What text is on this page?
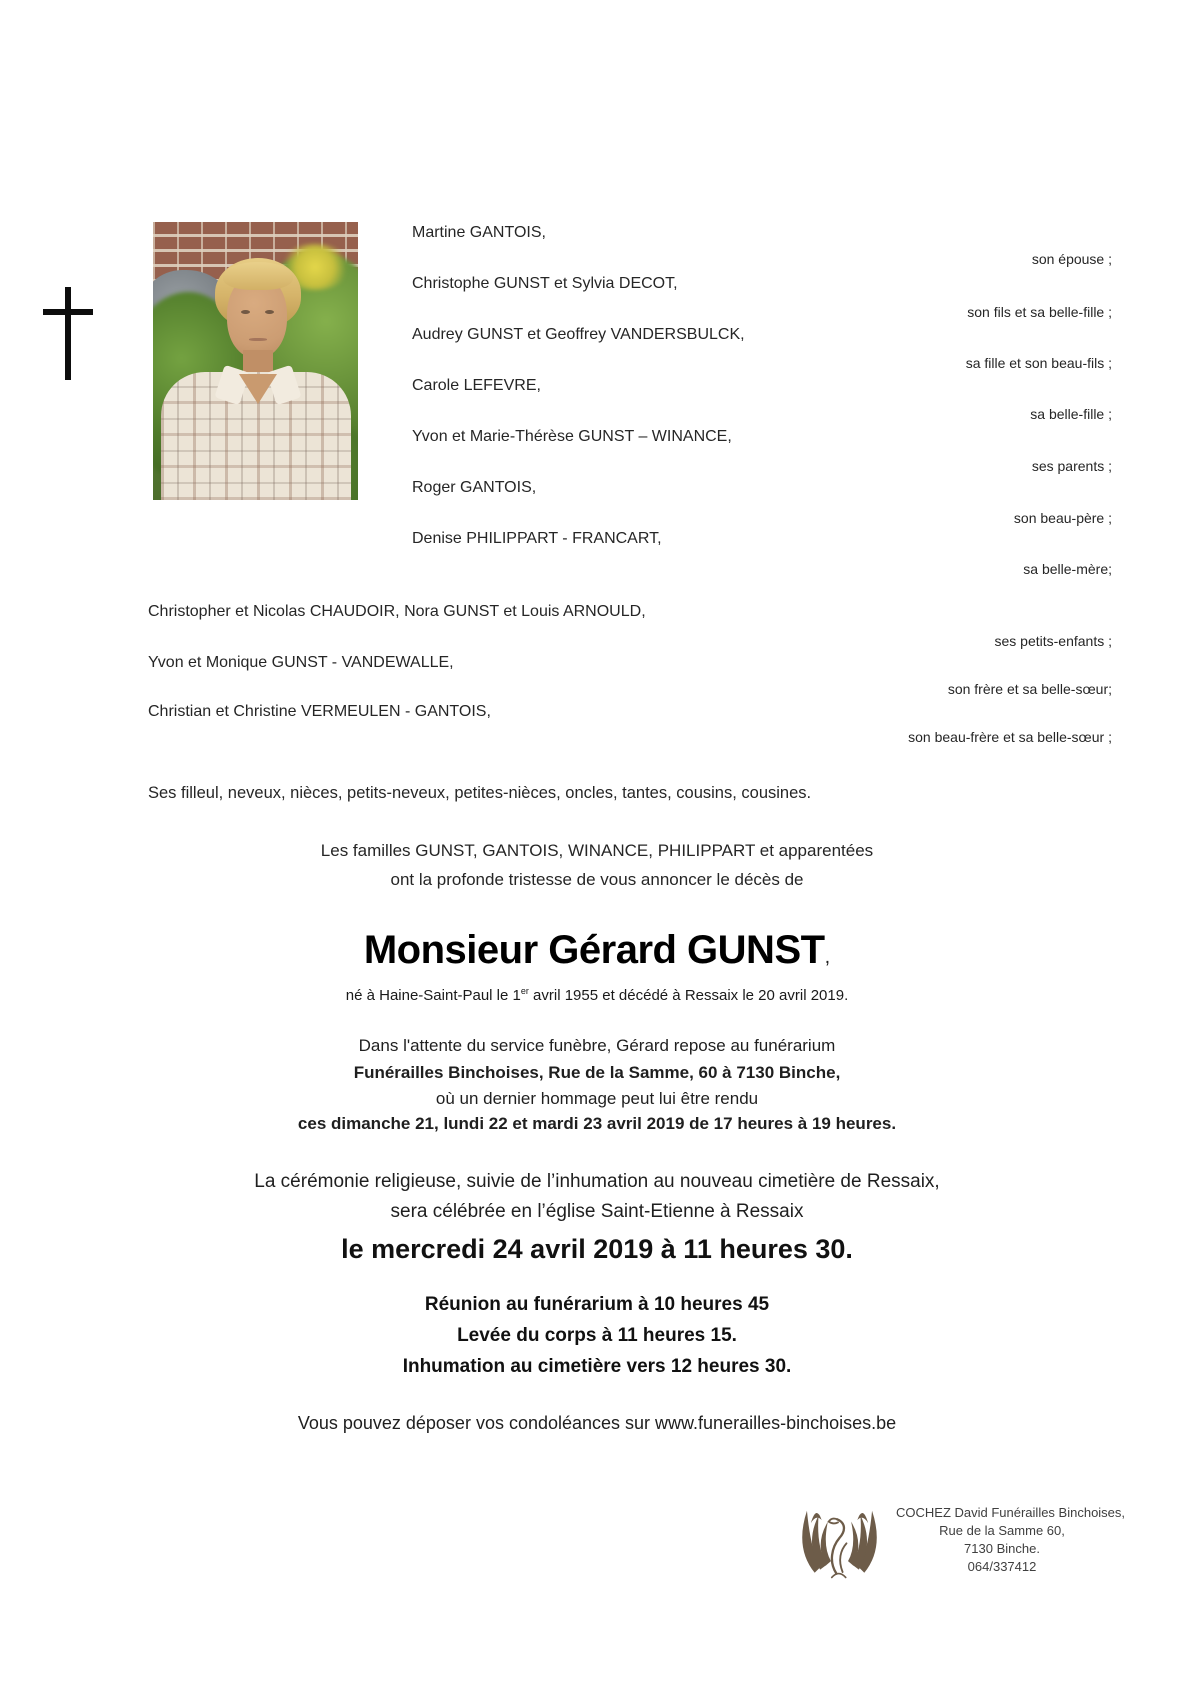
Martine GANTOIS,
Christophe GUNST et Sylvia DECOT,
Audrey GUNST et Geoffrey VANDERSBULCK,
Carole LEFEVRE,
Yvon et Marie-Thérèse GUNST – WINANCE,
Roger GANTOIS,
Denise PHILIPPART - FRANCART,
son épouse ;
son fils et sa belle-fille ;
sa fille et son beau-fils ;
sa belle-fille ;
ses parents ;
son beau-père ;
sa belle-mère;
Christopher et Nicolas CHAUDOIR, Nora GUNST et Louis ARNOULD,
ses petits-enfants ;
Yvon et Monique GUNST - VANDEWALLE,
son frère et sa belle-sœur;
Christian et Christine VERMEULEN - GANTOIS,
son beau-frère et sa belle-sœur ;
Ses filleul, neveux, nièces, petits-neveux, petites-nièces, oncles, tantes, cousins, cousines.
Les familles GUNST, GANTOIS, WINANCE, PHILIPPART et apparentées
ont la profonde tristesse de vous annoncer le décès de
Monsieur Gérard GUNST,
né à Haine-Saint-Paul le 1er avril 1955 et décédé à Ressaix le 20 avril 2019.
Dans l'attente du service funèbre, Gérard repose au funérarium
Funérailles Binchoises, Rue de la Samme, 60 à 7130 Binche,
où un dernier hommage peut lui être rendu
ces dimanche 21, lundi 22 et mardi 23 avril 2019 de 17 heures à 19 heures.
La cérémonie religieuse, suivie de l’inhumation au nouveau cimetière de Ressaix,
sera célébrée en l’église Saint-Etienne à Ressaix
le mercredi 24 avril 2019 à 11 heures 30.
Réunion au funérarium à 10 heures 45
Levée du corps à 11 heures 15.
Inhumation au cimetière vers 12 heures 30.
Vous pouvez déposer vos condoléances sur www.funerailles-binchoises.be
COCHEZ David Funérailles Binchoises,
Rue de la Samme 60,
7130 Binche.
064/337412
